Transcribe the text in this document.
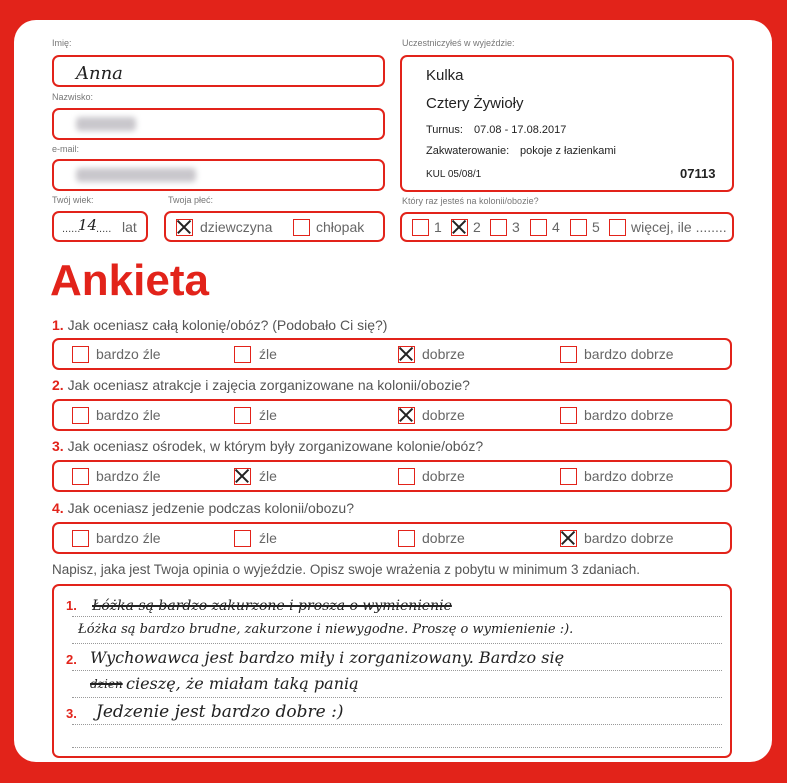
Imię:
Anna
Nazwisko:
e-mail:
Twój wiek:
......
14
..... lat
Twoja płeć:
dziewczyna	chłopak
Uczestniczyłeś w wyjeździe:
Kulka
Cztery Żywioły
Turnus: 07.08 - 17.08.2017
Zakwaterowanie: pokoje z łazienkami
KUL 05/08/1	07113
Który raz jesteś na kolonii/obozie?
1 2 3 4 5 więcej, ile ........
Ankieta
1. Jak oceniasz całą kolonię/obóz? (Podobało Ci się?)
bardzo źle	źle	dobrze	bardzo dobrze
2. Jak oceniasz atrakcje i zajęcia zorganizowane na kolonii/obozie?
bardzo źle	źle	dobrze	bardzo dobrze
3. Jak oceniasz ośrodek, w którym były zorganizowane kolonie/obóz?
bardzo źle	źle	dobrze	bardzo dobrze
4. Jak oceniasz jedzenie podczas kolonii/obozu?
bardzo źle	źle	dobrze	bardzo dobrze
Napisz, jaka jest Twoja opinia o wyjeździe. Opisz swoje wrażenia z pobytu w minimum 3 zdaniach.
1.
2.
3.
Łóżka są bardzo zakurzone i prosza o wymienienie
Łóżka są bardzo brudne, zakurzone i niewygodne. Proszę o wymienienie :).
Wychowawca jest bardzo miły i zorganizowany. Bardzo się
dzien cieszę, że miałam taką panią
Jedzenie jest bardzo dobre :)
